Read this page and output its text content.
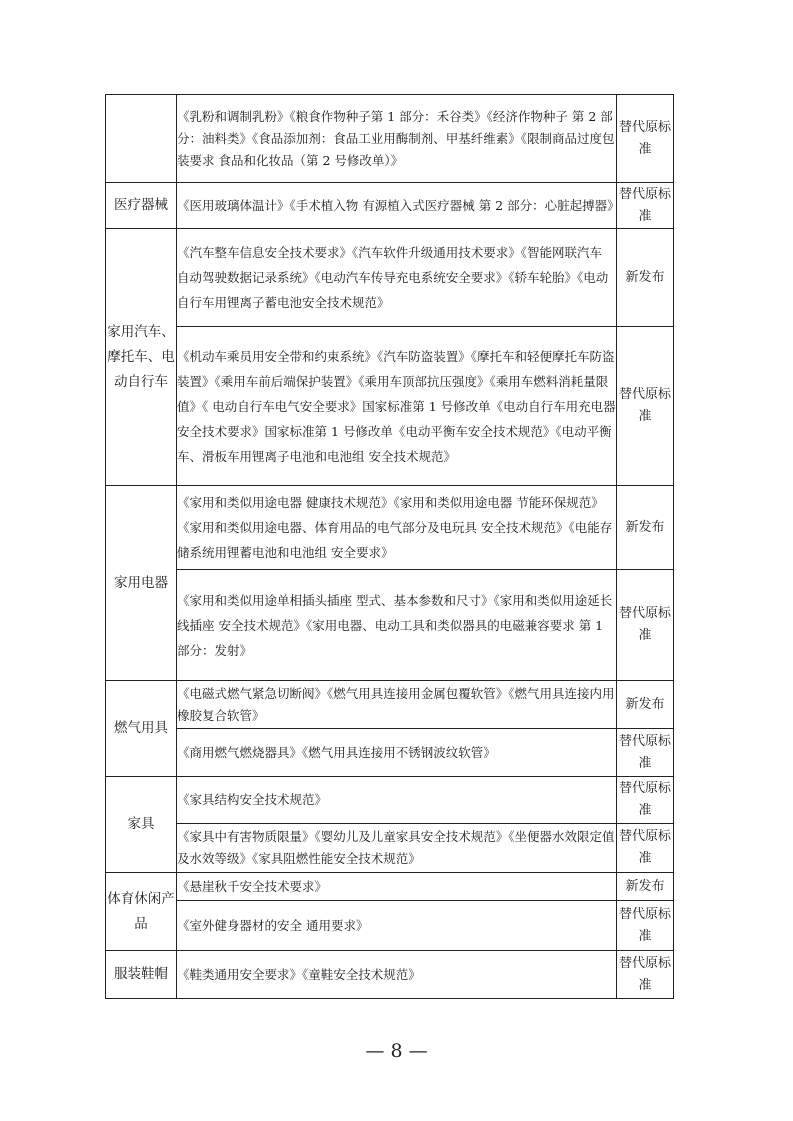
	《乳粉和调制乳粉》《粮食作物种子第 1 部分：禾谷类》《经济作物种子 第 2 部分：油料类》《食品添加剂：食品工业用酶制剂、甲基纤维素》《限制商品过度包装要求 食品和化妆品（第 2 号修改单）》	替代原标准
医疗器械	《医用玻璃体温计》《手术植入物 有源植入式医疗器械 第 2 部分：心脏起搏器》	替代原标准
家用汽车、摩托车、电动自行车	《汽车整车信息安全技术要求》《汽车软件升级通用技术要求》《智能网联汽车 自动驾驶数据记录系统》《电动汽车传导充电系统安全要求》《轿车轮胎》《电动自行车用锂离子蓄电池安全技术规范》	新发布
	《机动车乘员用安全带和约束系统》《汽车防盗装置》《摩托车和轻便摩托车防盗装置》《乘用车前后端保护装置》《乘用车顶部抗压强度》《乘用车燃料消耗量限值》《 电动自行车电气安全要求》国家标准第 1 号修改单《电动自行车用充电器安全技术要求》国家标准第 1 号修改单《电动平衡车安全技术规范》《电动平衡车、滑板车用锂离子电池和电池组 安全技术规范》	替代原标准
家用电器	《家用和类似用途电器 健康技术规范》《家用和类似用途电器 节能环保规范》《家用和类似用途电器、体育用品的电气部分及电玩具 安全技术规范》《电能存储系统用锂蓄电池和电池组 安全要求》	新发布
	《家用和类似用途单相插头插座 型式、基本参数和尺寸》《家用和类似用途延长线插座 安全技术规范》《家用电器、电动工具和类似器具的电磁兼容要求 第 1 部分：发射》	替代原标准
燃气用具	《电磁式燃气紧急切断阀》《燃气用具连接用金属包覆软管》《燃气用具连接内用橡胶复合软管》	新发布
	《商用燃气燃烧器具》《燃气用具连接用不锈钢波纹软管》	替代原标准
家具	《家具结构安全技术规范》	替代原标准
	《家具中有害物质限量》《婴幼儿及儿童家具安全技术规范》《坐便器水效限定值及水效等级》《家具阻燃性能安全技术规范》	替代原标准
体育休闲产品	《悬崖秋千安全技术要求》	新发布
	《室外健身器材的安全 通用要求》	替代原标准
服装鞋帽	《鞋类通用安全要求》《童鞋安全技术规范》	替代原标准
— 8 —
